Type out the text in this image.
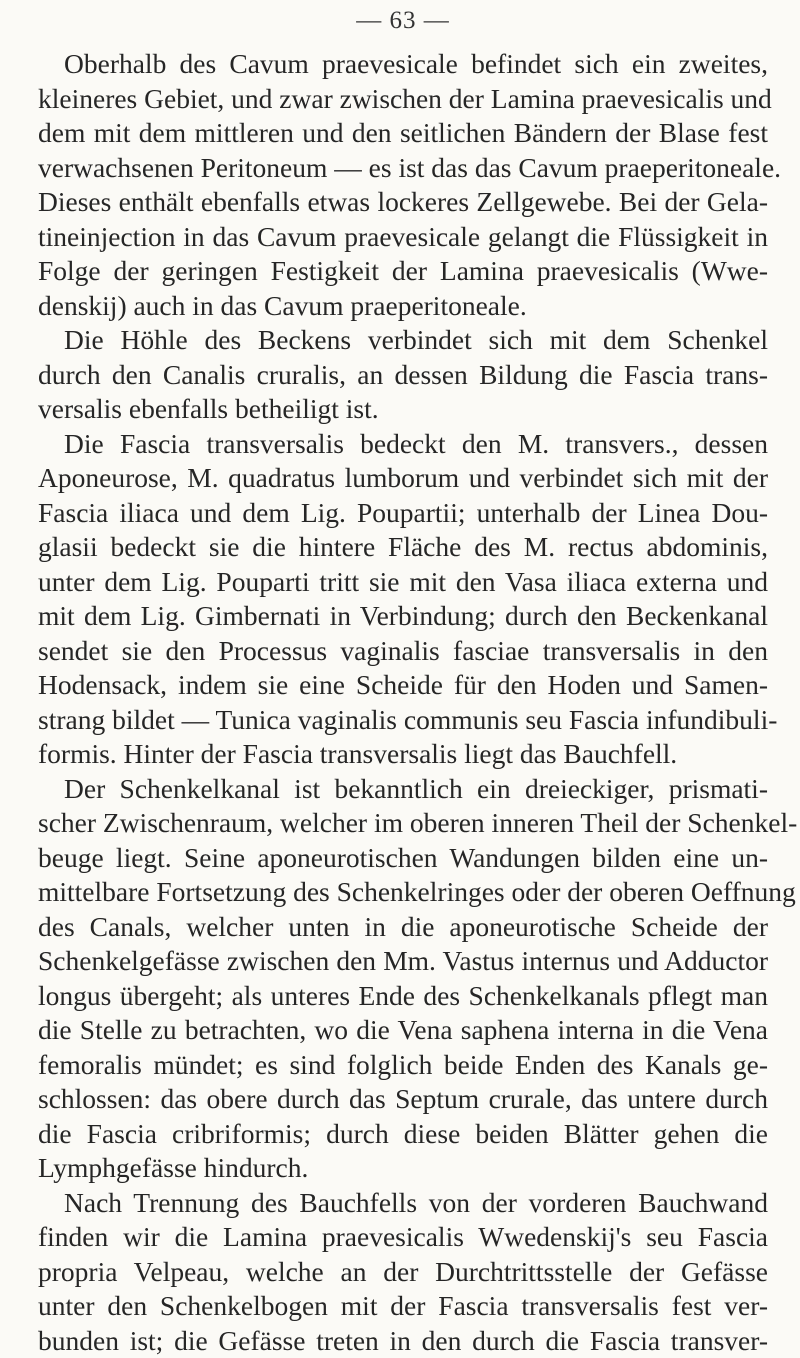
— 63 —
Oberhalb des Cavum praevesicale befindet sich ein zweites,
kleineres Gebiet, und zwar zwischen der Lamina praevesicalis und
dem mit dem mittleren und den seitlichen Bändern der Blase fest
verwachsenen Peritoneum — es ist das das Cavum praeperitoneale.
Dieses enthält ebenfalls etwas lockeres Zellgewebe. Bei der Gela-
tineinjection in das Cavum praevesicale gelangt die Flüssigkeit in
Folge der geringen Festigkeit der Lamina praevesicalis (Wwe-
denskij) auch in das Cavum praeperitoneale.
Die Höhle des Beckens verbindet sich mit dem Schenkel
durch den Canalis cruralis, an dessen Bildung die Fascia trans-
versalis ebenfalls betheiligt ist.
Die Fascia transversalis bedeckt den M. transvers., dessen
Aponeurose, M. quadratus lumborum und verbindet sich mit der
Fascia iliaca und dem Lig. Poupartii; unterhalb der Linea Dou-
glasii bedeckt sie die hintere Fläche des M. rectus abdominis,
unter dem Lig. Pouparti tritt sie mit den Vasa iliaca externa und
mit dem Lig. Gimbernati in Verbindung; durch den Beckenkanal
sendet sie den Processus vaginalis fasciae transversalis in den
Hodensack, indem sie eine Scheide für den Hoden und Samen-
strang bildet — Tunica vaginalis communis seu Fascia infundibuli-
formis. Hinter der Fascia transversalis liegt das Bauchfell.
Der Schenkelkanal ist bekanntlich ein dreieckiger, prismati-
scher Zwischenraum, welcher im oberen inneren Theil der Schenkel-
beuge liegt. Seine aponeurotischen Wandungen bilden eine un-
mittelbare Fortsetzung des Schenkelringes oder der oberen Oeffnung
des Canals, welcher unten in die aponeurotische Scheide der
Schenkelgefässe zwischen den Mm. Vastus internus und Adductor
longus übergeht; als unteres Ende des Schenkelkanals pflegt man
die Stelle zu betrachten, wo die Vena saphena interna in die Vena
femoralis mündet; es sind folglich beide Enden des Kanals ge-
schlossen: das obere durch das Septum crurale, das untere durch
die Fascia cribriformis; durch diese beiden Blätter gehen die
Lymphgefässe hindurch.
Nach Trennung des Bauchfells von der vorderen Bauchwand
finden wir die Lamina praevesicalis Wwedenskij's seu Fascia
propria Velpeau, welche an der Durchtrittsstelle der Gefässe
unter den Schenkelbogen mit der Fascia transversalis fest ver-
bunden ist; die Gefässe treten in den durch die Fascia transver-
